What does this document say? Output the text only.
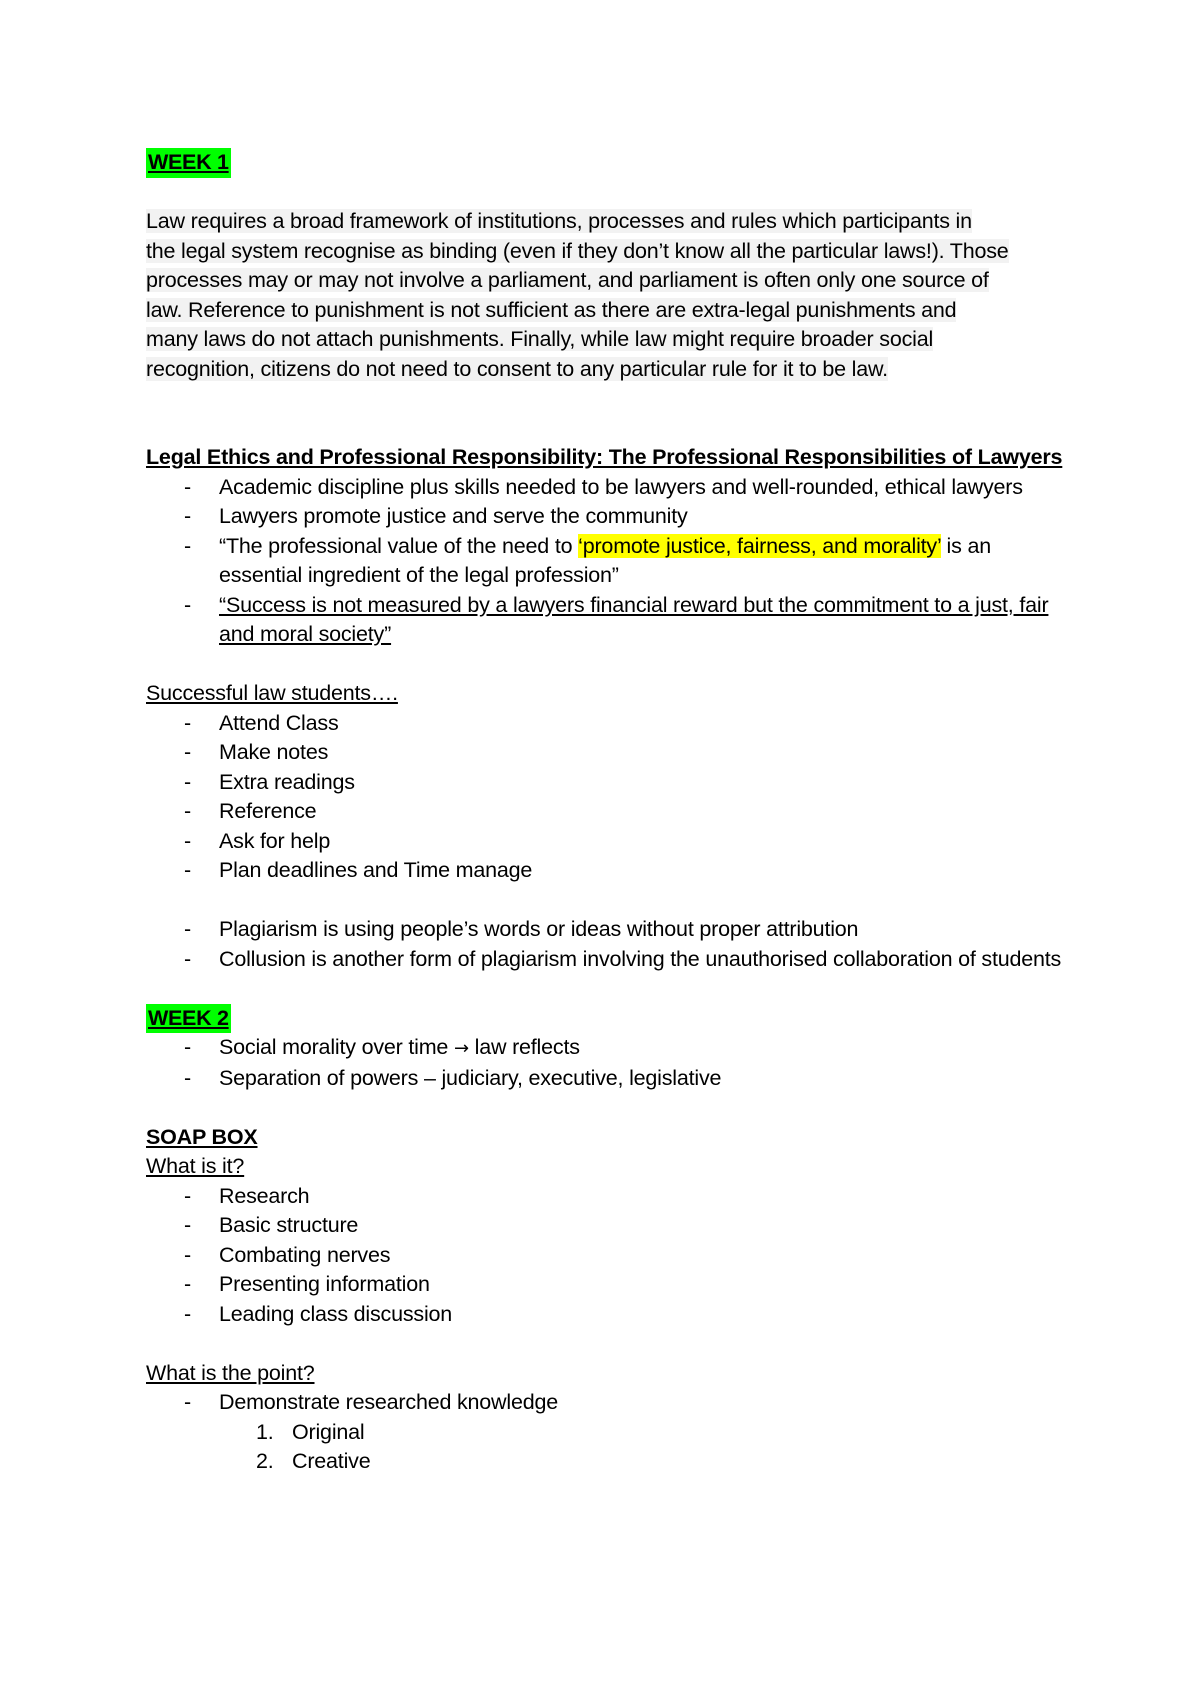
WEEK 1

Law requires a broad framework of institutions, processes and rules which participants in

the legal system recognise as binding (even if they don’t know all the particular laws!). Those

processes may or may not involve a parliament, and parliament is often only one source of

law. Reference to punishment is not sufficient as there are extra-legal punishments and

many laws do not attach punishments. Finally, while law might require broader social

recognition, citizens do not need to consent to any particular rule for it to be law.

Legal Ethics and Professional Responsibility: The Professional Responsibilities of Lawyers

- Academic discipline plus skills needed to be lawyers and well-rounded, ethical lawyers
- Lawyers promote justice and serve the community
- “The professional value of the need to ‘promote justice, fairness, and morality’ is an essential ingredient of the legal profession”
- “Success is not measured by a lawyers financial reward but the commitment to a just, fair and moral society”

Successful law students….

- Attend Class
- Make notes
- Extra readings
- Reference
- Ask for help
- Plan deadlines and Time manage
- Plagiarism is using people’s words or ideas without proper attribution
- Collusion is another form of plagiarism involving the unauthorised collaboration of students

WEEK 2

- Social morality over time → law reflects
- Separation of powers – judiciary, executive, legislative

SOAP BOX

What is it?

- Research
- Basic structure
- Combating nerves
- Presenting information
- Leading class discussion

What is the point?

- Demonstrate researched knowledge
1. Original
2. Creative
